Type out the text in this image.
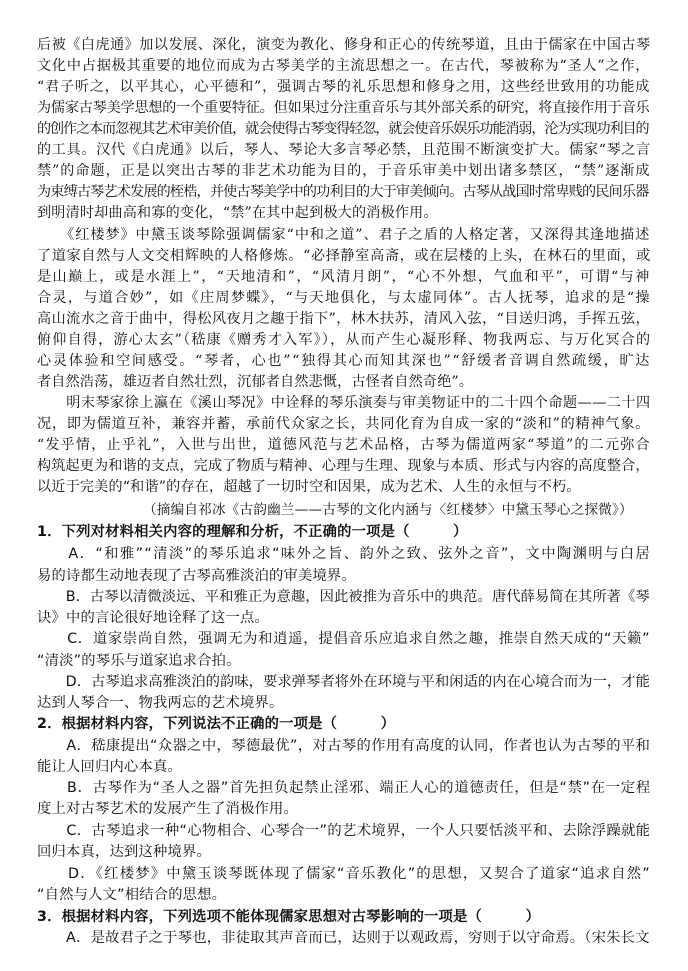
后被《白虎通》加以发展、深化，演变为教化、修身和正心的传统琴道，且由于儒家在中国古琴
文化中占据极其重要的地位而成为古琴美学的主流思想之一。在古代，琴被称为“圣人”之作，
“君子听之，以平其心，心平德和”，强调古琴的礼乐思想和修身之用，这些经世致用的功能成
为儒家古琴美学思想的一个重要特征。但如果过分注重音乐与其外部关系的研究，将直接作用于音乐
的创作之本而忽视其艺术审美价值，就会使得古琴变得轻忽，就会使音乐娱乐功能消弱，沦为实现功利目的
的工具。汉代《白虎通》以后，琴人、琴论大多言琴必禁，且范围不断演变扩大。儒家“琴之言
禁”的命题，正是以突出古琴的非艺术功能为目的，于音乐审美中划出诸多禁区，“禁”逐渐成
为束缚古琴艺术发展的桎梏，并使古琴美学中的功利目的大于审美倾向。古琴从战国时常卑贱的民间乐器
到明清时却曲高和寡的变化，“禁”在其中起到极大的消极作用。
　　《红楼梦》中黛玉谈琴除强调儒家“中和之道”、君子之盾的人格定著，又深得其逢地描述
了道家自然与人文交相辉映的人格修炼。“必择静室高斋，或在层楼的上头，在林石的里面，或
是山巅上，或是水涯上”，“天地清和”，“风清月朗”，“心不外想，气血和平”，可谓“与神
合灵，与道合妙”，如《庄周梦蝶》，“与天地俱化，与太虚同体”。古人抚琴，追求的是“操
高山流水之音于曲中，得松风夜月之趣于指下”，林木扶苏，清风入弦，“目送归鸿，手挥五弦，
俯仰自得，游心太玄”（嵇康《赠秀才入军》），从而产生心凝形释、物我两忘、与万化冥合的
心灵体验和空间感受。“琴者，心也”“独得其心而知其深也”“舒缓者音调自然疏缓，旷达
者自然浩荡，雄迈者自然壮烈，沉郁者自然悲慨，古怪者自然奇绝”。
　　明末琴家徐上瀛在《溪山琴况》中诠释的琴乐演奏与审美物证中的二十四个命题——二十四
况，即为儒道互补，兼容并蓄，承前代众家之长，共同化育为自成一家的“淡和”的精神气象。
“发乎情，止乎礼”，入世与出世，道德风范与艺术品格，古琴为儒道两家“琴道”的二元弥合
构筑起更为和谐的支点，完成了物质与精神、心理与生理、现象与本质、形式与内容的高度整合，
以近于完美的“和谐”的存在，超越了一切时空和因果，成为艺术、人生的永恒与不朽。
（摘编自祁冰《古韵幽兰——古琴的文化内涵与〈红楼梦〉中黛玉琴心之探微》）
1．下列对材料相关内容的理解和分析，不正确的一项是（　　　）
　　A．“和雅”“清淡”的琴乐追求“味外之旨、韵外之致、弦外之音”，文中陶渊明与白居
易的诗都生动地表现了古琴高雅淡泊的审美境界。
　　B．古琴以清微淡远、平和雅正为意趣，因此被推为音乐中的典范。唐代薛易简在其所著《琴
诀》中的言论很好地诠释了这一点。
　　C．道家崇尚自然，强调无为和逍遥，提倡音乐应追求自然之趣，推崇自然天成的“天籁”
“清淡”的琴乐与道家追求合拍。
　　D．古琴追求高雅淡泊的韵味，要求弹琴者将外在环境与平和闲适的内在心境合而为一，才能
达到人琴合一、物我两忘的艺术境界。
2．根据材料内容，下列说法不正确的一项是（　　　）
　　A．嵇康提出“众器之中，琴德最优”，对古琴的作用有高度的认同，作者也认为古琴的平和
能让人回归内心本真。
　　B．古琴作为“圣人之器”首先担负起禁止淫邪、端正人心的道德责任，但是“禁”在一定程
度上对古琴艺术的发展产生了消极作用。
　　C．古琴追求一种“心物相合、心琴合一”的艺术境界，一个人只要恬淡平和、去除浮躁就能
回归本真，达到这种境界。
　　D．《红楼梦》中黛玉谈琴既体现了儒家“音乐教化”的思想，又契合了道家“追求自然”
“自然与人文”相结合的思想。
3．根据材料内容，下列选项不能体现儒家思想对古琴影响的一项是（　　　）
　　A．是故君子之于琴也，非徒取其声音而已，达则于以观政焉，穷则于以守命焉。（宋朱长文
